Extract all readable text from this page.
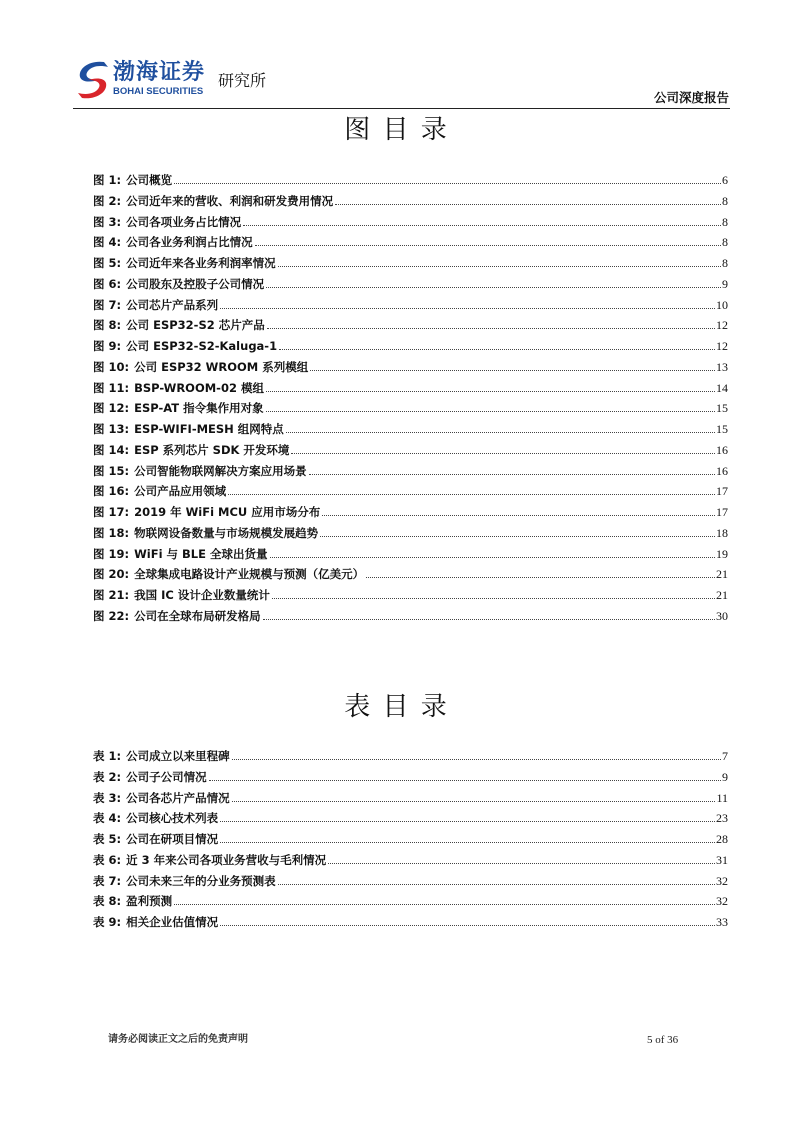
渤海证券
BOHAI SECURITIES
研究所
公司深度报告
图 目 录
图 1: 公司概览	6
图 2: 公司近年来的营收、利润和研发费用情况	8
图 3: 公司各项业务占比情况	8
图 4: 公司各业务利润占比情况	8
图 5: 公司近年来各业务利润率情况	8
图 6: 公司股东及控股子公司情况	9
图 7: 公司芯片产品系列	10
图 8: 公司 ESP32-S2 芯片产品	12
图 9: 公司 ESP32-S2-Kaluga-1	12
图 10: 公司 ESP32 WROOM 系列模组	13
图 11: BSP-WROOM-02 模组	14
图 12: ESP-AT 指令集作用对象	15
图 13: ESP-WIFI-MESH 组网特点	15
图 14: ESP 系列芯片 SDK 开发环境	16
图 15: 公司智能物联网解决方案应用场景	16
图 16: 公司产品应用领域	17
图 17: 2019 年 WiFi MCU 应用市场分布	17
图 18: 物联网设备数量与市场规模发展趋势	18
图 19: WiFi 与 BLE 全球出货量	19
图 20: 全球集成电路设计产业规模与预测（亿美元）	21
图 21: 我国 IC 设计企业数量统计	21
图 22: 公司在全球布局研发格局	30
表 目 录
表 1: 公司成立以来里程碑	7
表 2: 公司子公司情况	9
表 3: 公司各芯片产品情况	11
表 4: 公司核心技术列表	23
表 5: 公司在研项目情况	28
表 6: 近 3 年来公司各项业务营收与毛利情况	31
表 7: 公司未来三年的分业务预测表	32
表 8: 盈利预测	32
表 9: 相关企业估值情况	33
请务必阅读正文之后的免责声明	5 of 36
